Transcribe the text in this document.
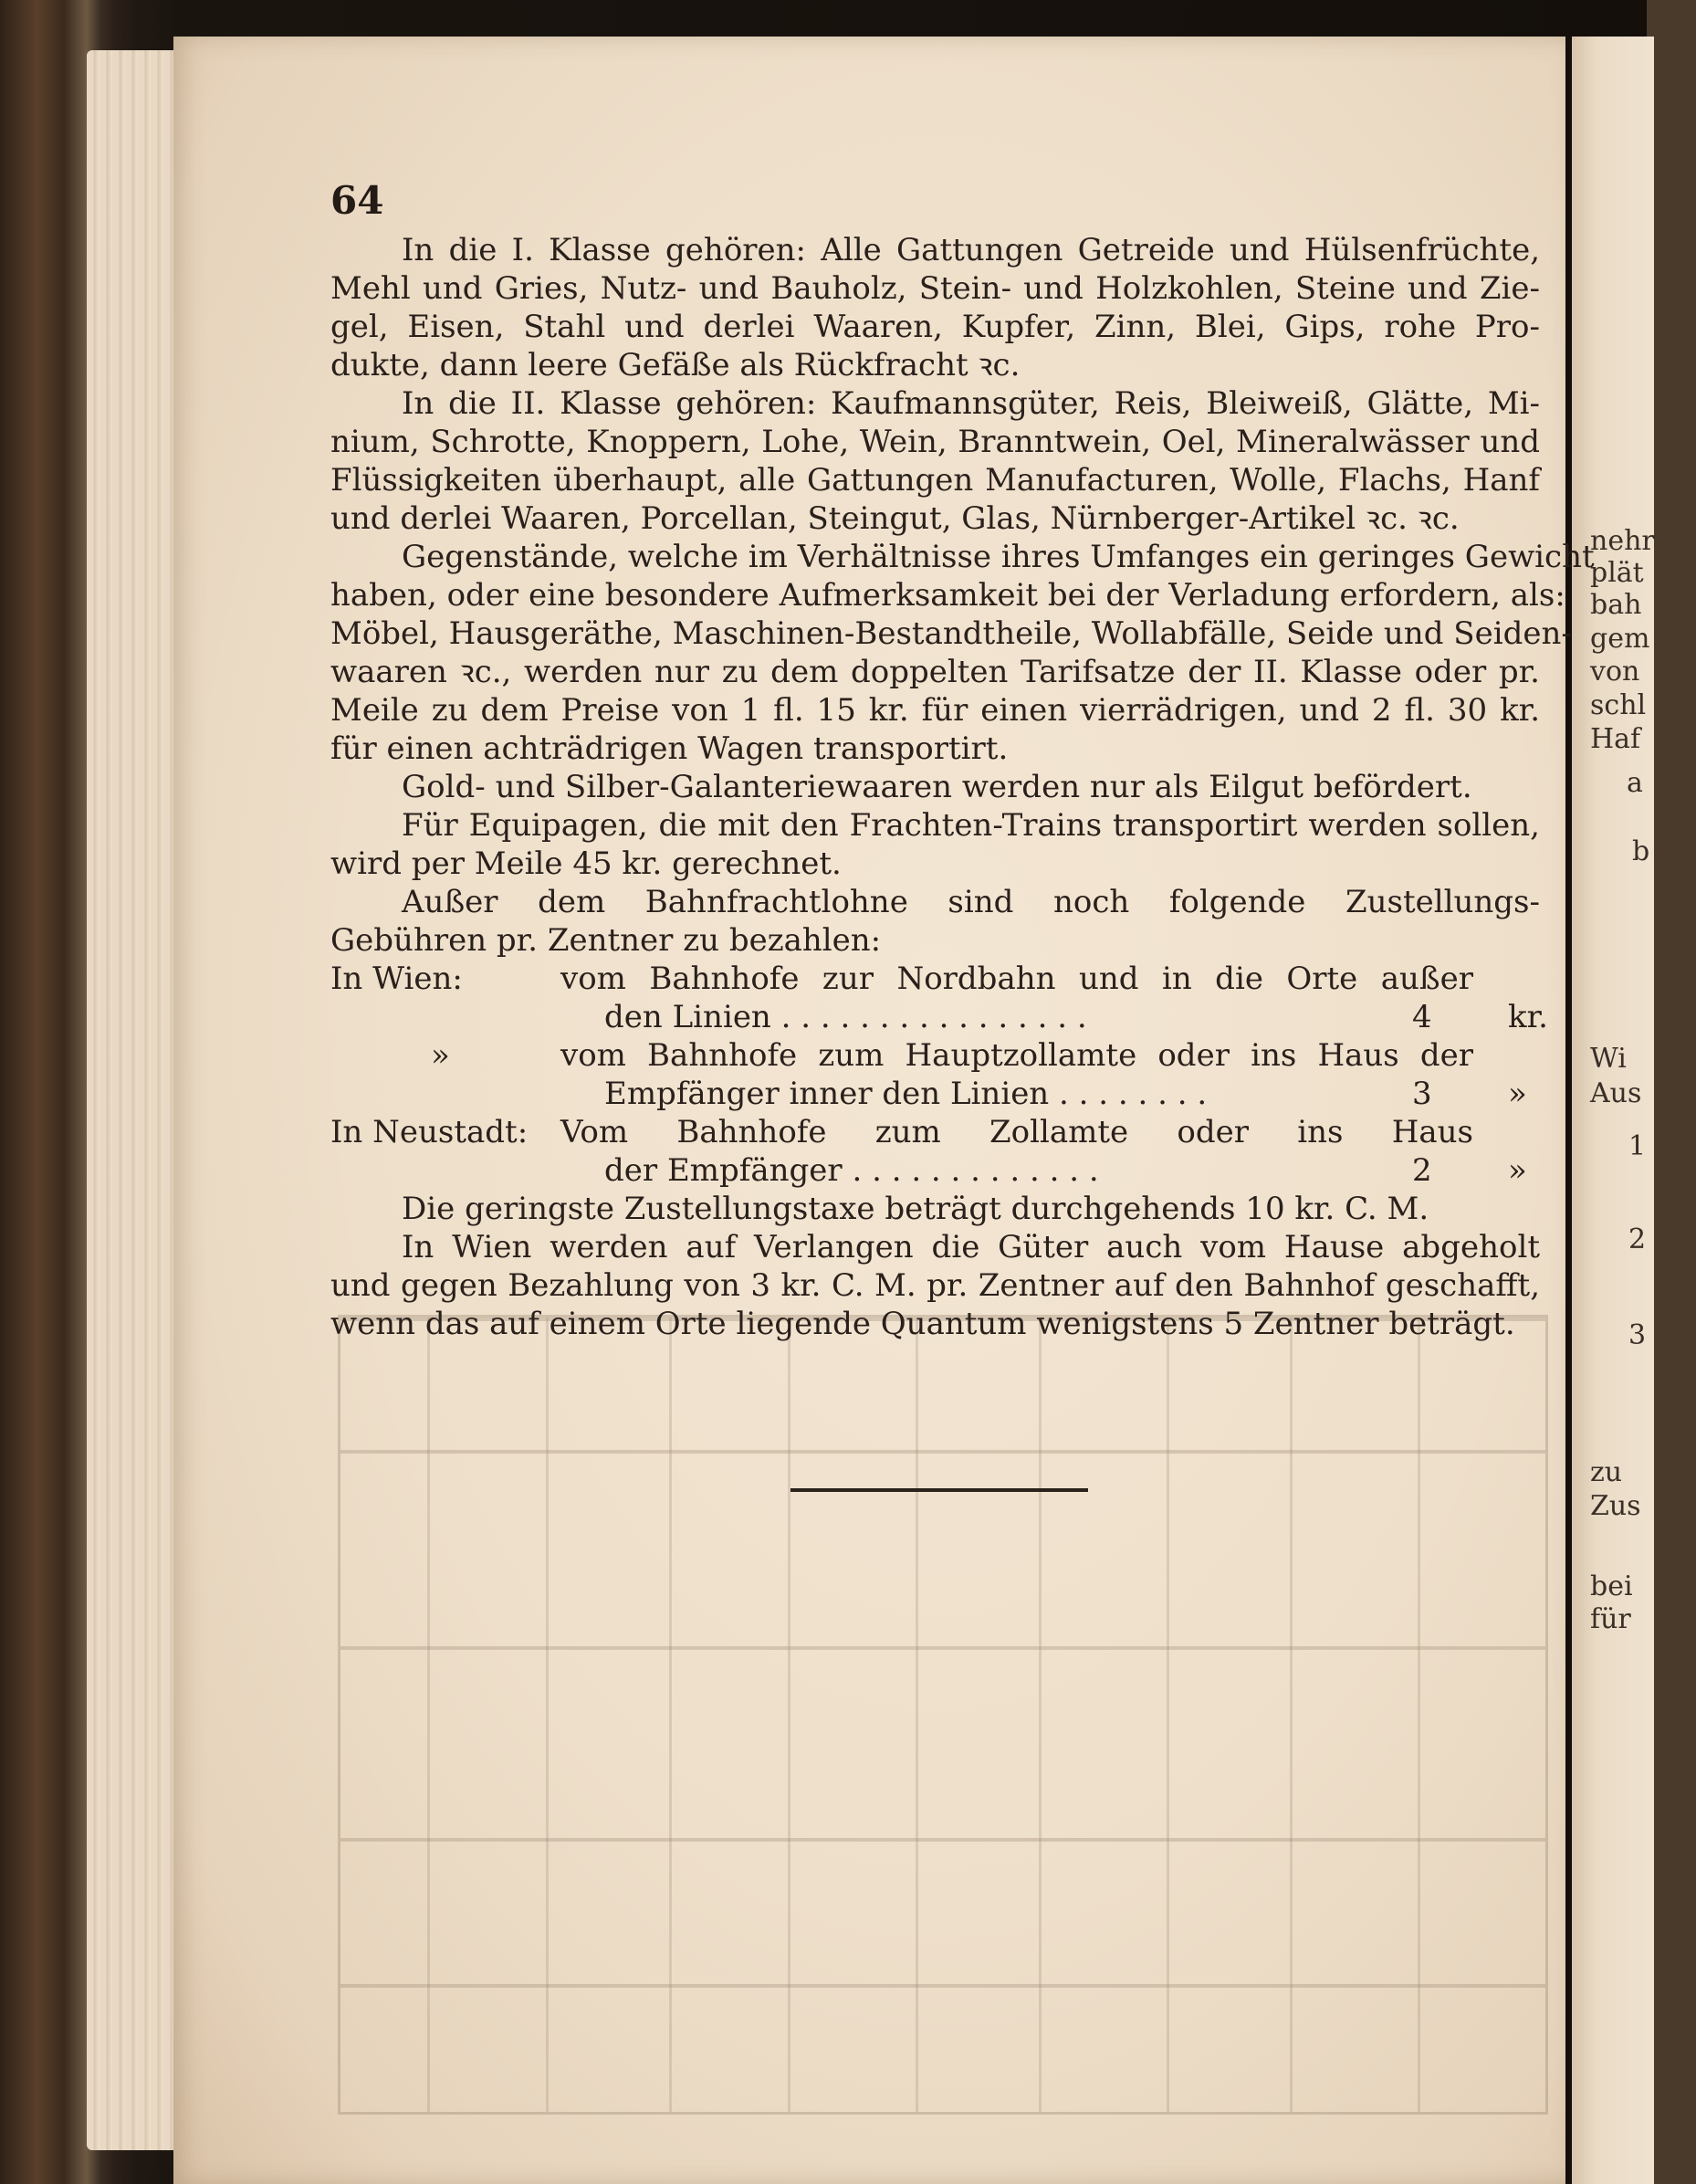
nehr
plät
bah
gem
von
schl
Haf
a
b
Wi
Aus
1
2
3
zu
Zus
bei
für
64
In die I. Klasse gehören: Alle Gattungen Getreide und Hülsenfrüchte,
Mehl und Gries, Nutz- und Bauholz, Stein- und Holzkohlen, Steine und Zie-
gel, Eisen, Stahl und derlei Waaren, Kupfer, Zinn, Blei, Gips, rohe Pro-
dukte, dann leere Gefäße als Rückfracht ꝛc.
In die II. Klasse gehören: Kaufmannsgüter, Reis, Bleiweiß, Glätte, Mi-
nium, Schrotte, Knoppern, Lohe, Wein, Branntwein, Oel, Mineralwässer und
Flüssigkeiten überhaupt, alle Gattungen Manufacturen, Wolle, Flachs, Hanf
und derlei Waaren, Porcellan, Steingut, Glas, Nürnberger-Artikel ꝛc. ꝛc.
Gegenstände, welche im Verhältnisse ihres Umfanges ein geringes Gewicht
haben, oder eine besondere Aufmerksamkeit bei der Verladung erfordern, als:
Möbel, Hausgeräthe, Maschinen-Bestandtheile, Wollabfälle, Seide und Seiden-
waaren ꝛc., werden nur zu dem doppelten Tarifsatze der II. Klasse oder pr.
Meile zu dem Preise von 1 fl. 15 kr. für einen vierrädrigen, und 2 fl. 30 kr.
für einen achträdrigen Wagen transportirt.
Gold- und Silber-Galanteriewaaren werden nur als Eilgut befördert.
Für Equipagen, die mit den Frachten-Trains transportirt werden sollen,
wird per Meile 45 kr. gerechnet.
Außer dem Bahnfrachtlohne sind noch folgende Zustellungs-
Gebühren pr. Zentner zu bezahlen:
In Wien:	vom Bahnhofe zur Nordbahn und in die Orte außer
den Linien . . . . . . . . . . . . . . . .	4 kr.
»	vom Bahnhofe zum Hauptzollamte oder ins Haus der
Empfänger inner den Linien . . . . . . . .	3 »
In Neustadt: Vom Bahnhofe zum Zollamte oder ins Haus
der Empfänger . . . . . . . . . . . . .	2 »
Die geringste Zustellungstaxe beträgt durchgehends 10 kr. C. M.
In Wien werden auf Verlangen die Güter auch vom Hause abgeholt
und gegen Bezahlung von 3 kr. C. M. pr. Zentner auf den Bahnhof geschafft,
wenn das auf einem Orte liegende Quantum wenigstens 5 Zentner beträgt.
